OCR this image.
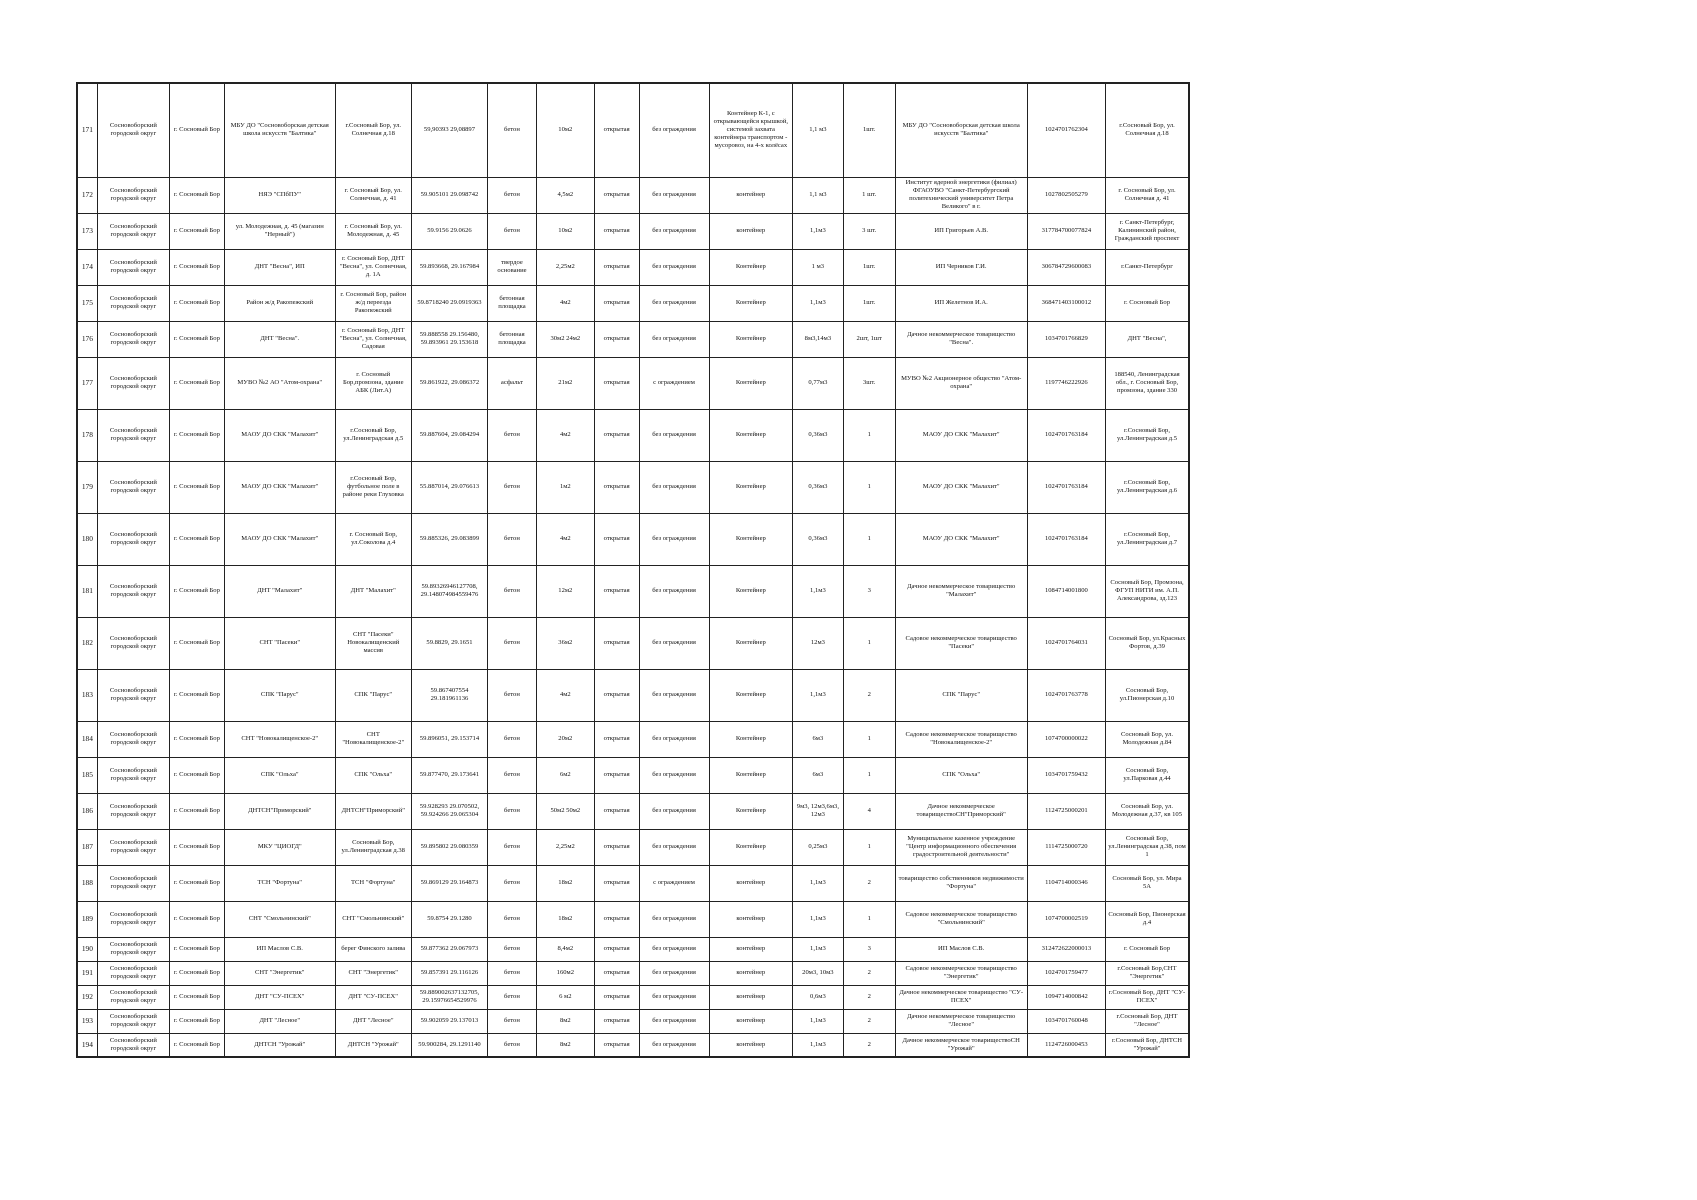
171	Сосновоборский городской округ	г. Сосновый Бор	МБУ ДО "Сосновоборская детская школа искусств "Балтика"	г.Сосновый Бор, ул. Солнечная д.18	59,90393 29,08897	бетон	10м2	открытая	без ограждения	Контейнер К-1, с открывающейся крышкой, системой захвата контейнера транспортом - мусоровоз, на 4-х колёсах	1,1 м3	1шт.	МБУ ДО "Сосновоборская детская школа искусств "Балтика"	1024701762304	г.Сосновый Бор, ул. Солнечная д.18
172	Сосновоборский городской округ	г. Сосновый Бор	НЯЭ "СПбПУ"	г. Сосновый Бор, ул. Солнечная, д. 41	59.905101 29.098742	бетон	4,5м2	открытая	без ограждения	контейнер	1,1 м3	1 шт.	Институт ядерной энергетики (филиал) ФГАОУВО "Санкт-Петербургский политехнический университет Петра Великого" в г.	1027802505279	г. Сосновый Бор, ул. Солнечная д. 41
173	Сосновоборский городской округ	г. Сосновый Бор	ул. Молодежная, д. 45 (магазин "Нерный")	г. Сосновый Бор, ул. Молодежная, д. 45	59.9156 29.0626	бетон	10м2	открытая	без ограждения	контейнер	1,1м3	3 шт.	ИП Григорьев А.В.	317784700077824	г. Санкт-Петербург, Калининский район, Гражданский проспект
174	Сосновоборский городской округ	г. Сосновый Бор	ДНТ "Весна", ИП	г. Сосновый Бор, ДНТ "Весна", ул. Солнечная, д. 1А	59.893668, 29.167984	твердое основание	2,25м2	открытая	без ограждения	Контейнер	1 м3	1шт.	ИП Черников Г.И.	306784729600083	г.Санкт-Петербург
175	Сосновоборский городской округ	г. Сосновый Бор	Район ж/д Ракопежский	г. Сосновый Бор, район ж/д переезда Ракопежский	59.8718240 29.0919363	бетонная площадка	4м2	открытая	без ограждения	Контейнер	1,1м3	1шт.	ИП Желетнов И.А.	368471403100012	г. Сосновый Бор
176	Сосновоборский городской округ	г. Сосновый Бор	ДНТ "Весна".	г. Сосновый Бор, ДНТ "Весна", ул. Солнечная, Садовая	59.888558 29.156480, 59.893961 29.153618	бетонная площадка	30м2 24м2	открытая	без ограждения	Контейнер	8м3,14м3	2шт, 1шт	Дачное некоммерческое товарищество "Весна".	1034701766829	ДНТ "Весна",
177	Сосновоборский городской округ	г. Сосновый Бор	МУВО №2 АО "Атом-охрана"	г. Сосновый Бор,промзона, здание АБК (Лит.А)	59.861922, 29.086372	асфальт	21м2	открытая	с ограждением	Контейнер	0,77м3	3шт.	МУВО №2 Акционерное общество "Атом-охрана"	1197746222926	188540, Ленинградская обл., г. Сосновый Бор, промзона, здание 330
178	Сосновоборский городской округ	г. Сосновый Бор	МАОУ ДО СКК "Малахит"	г.Сосновый Бор, ул.Ленинградская д.5	59.887604, 29.084294	бетон	4м2	открытая	без ограждения	Контейнер	0,36м3	1	МАОУ ДО СКК "Малахит"	1024701763184	г.Сосновый Бор, ул.Ленинградская д.5
179	Сосновоборский городской округ	г. Сосновый Бор	МАОУ ДО СКК "Малахит"	г.Сосновый Бор, футбольное поле в районе реки Глуховка	55.887014, 29.076613	бетон	1м2	открытая	без ограждения	Контейнер	0,36м3	1	МАОУ ДО СКК "Малахит"	1024701763184	г.Сосновый Бор, ул.Ленинградская д.6
180	Сосновоборский городской округ	г. Сосновый Бор	МАОУ ДО СКК "Малахит"	г. Сосновый Бор, ул.Соколова д.4	59.885326, 29.083899	бетон	4м2	открытая	без ограждения	Контейнер	0,36м3	1	МАОУ ДО СКК "Малахит"	1024701763184	г.Сосновый Бор, ул.Ленинградская д.7
181	Сосновоборский городской округ	г. Сосновый Бор	ДНТ "Малахит"	ДНТ "Малахит"	59.89326946127708, 29.148074984559476	бетон	12м2	открытая	без ограждения	Контейнер	1,1м3	3	Дачное некоммерческое товарищество "Малахит"	1084714001800	Сосновый Бор, Промзона, ФГУП НИТИ им. А.П. Александрова, зд.123
182	Сосновоборский городской округ	г. Сосновый Бор	СНТ "Пасеки"	СНТ "Пасеки" Новокалищенский массив	59.8829, 29.1651	бетон	36м2	открытая	без ограждения	Контейнер	12м3	1	Садовое некоммерческое товарищество "Пасеки"	1024701764031	Сосновый Бор, ул.Красных Фортов, д.39
183	Сосновоборский городской округ	г. Сосновый Бор	СПК "Парус"	СПК "Парус"	59.867407554 29.181961136	бетон	4м2	открытая	без ограждения	Контейнер	1,1м3	2	СПК "Парус"	1024701763778	Сосновый Бор, ул.Пионерская д.10
184	Сосновоборский городской округ	г. Сосновый Бор	СНТ "Новокалищенское-2"	СНТ "Новокалищенское-2"	59.896051, 29.153714	бетон	20м2	открытая	без ограждения	Контейнер	6м3	1	Садовое некоммерческое товарищество "Новокалищенское-2"	1074700000022	Сосновый Бор, ул. Молодежная д.84
185	Сосновоборский городской округ	г. Сосновый Бор	СПК "Ольха"	СПК "Ольха"	59.877470, 29.173641	бетон	6м2	открытая	без ограждения	Контейнер	6м3	1	СПК "Ольха"	1034701759432	Сосновый Бор, ул.Парковая д.44
186	Сосновоборский городской округ	г. Сосновый Бор	ДНТСН"Приморский"	ДНТСН"Приморский"	59.928293 29.070502, 59.924266 29.065304	бетон	50м2 50м2	открытая	без ограждения	Контейнер	9м3, 12м3,6м3, 12м3	4	Дачное некоммерческое товариществоСН"Приморский"	1124725000201	Сосновый Бор, ул. Молодежная д.37, кв 105
187	Сосновоборский городской округ	г. Сосновый Бор	МКУ "ЦИОГД"	Сосновый Бор, ул.Ленинградская д.38	59.895802 29.080359	бетон	2,25м2	открытая	без ограждения	Контейнер	0,25м3	1	Муниципальное казенное учреждение "Центр информационного обеспечения градостроительной деятельности"	1114725000720	Сосновый Бор, ул.Ленинградская д.38, пом 1
188	Сосновоборский городской округ	г. Сосновый Бор	ТСН "Фортуна"	ТСН "Фортуна"	59.869129 29.164873	бетон	18м2	открытая	с ограждением	контейнер	1,1м3	2	товарищество собственников недвижимости "Фортуна"	1104714000346	Сосновый Бор, ул. Мира 5А
189	Сосновоборский городской округ	г. Сосновый Бор	СНТ "Смольнинский"	СНТ "Смольнинский"	59.8754 29.1280	бетон	18м2	открытая	без ограждения	контейнер	1,1м3	1	Садовое некоммерческое товарищество "Смольнинский"	1074700002519	Сосновый Бор, Пионерская д.4
190	Сосновоборский городской округ	г. Сосновый Бор	ИП Маслов С.В.	берег Финского залива	59.877362 29.067973	бетон	8,4м2	открытая	без ограждения	контейнер	1,1м3	3	ИП Маслов С.В.	312472622000013	г. Сосновый Бор
191	Сосновоборский городской округ	г. Сосновый Бор	СНТ "Энергетик"	СНТ "Энергетик"	59.857391 29.116126	бетон	160м2	открытая	без ограждения	контейнер	20м3, 10м3	2	Садовое некоммерческое товарищество "Энергетик"	1024701759477	г.Сосновый Бор,СНТ "Энергетик"
192	Сосновоборский городской округ	г. Сосновый Бор	ДНТ "СУ-ПСЕХ"	ДНТ "СУ-ПСЕХ"	59.889002637132705, 29.15976654529976	бетон	6 м2	открытая	без ограждения	контейнер	0,6м3	2	Дачное некоммерческое товарищество "СУ-ПСЕХ"	1094714000842	г.Сосновый Бор, ДНТ "СУ-ПСЕХ"
193	Сосновоборский городской округ	г. Сосновый Бор	ДНТ "Лесное"	ДНТ "Лесное"	59.902059 29.137013	бетон	8м2	открытая	без ограждения	контейнер	1,1м3	2	Дачное некоммерческое товарищество "Лесное"	1034701760048	г.Сосновый Бор, ДНТ "Лесное"
194	Сосновоборский городской округ	г. Сосновый Бор	ДНТСН "Урожай"	ДНТСН "Урожай"	59.900284, 29.1291140	бетон	8м2	открытая	без ограждения	контейнер	1,1м3	2	Дачное некоммерческое товариществоСН "Урожай"	1124726000453	г.Сосновый Бор, ДНТСН "Урожай"
